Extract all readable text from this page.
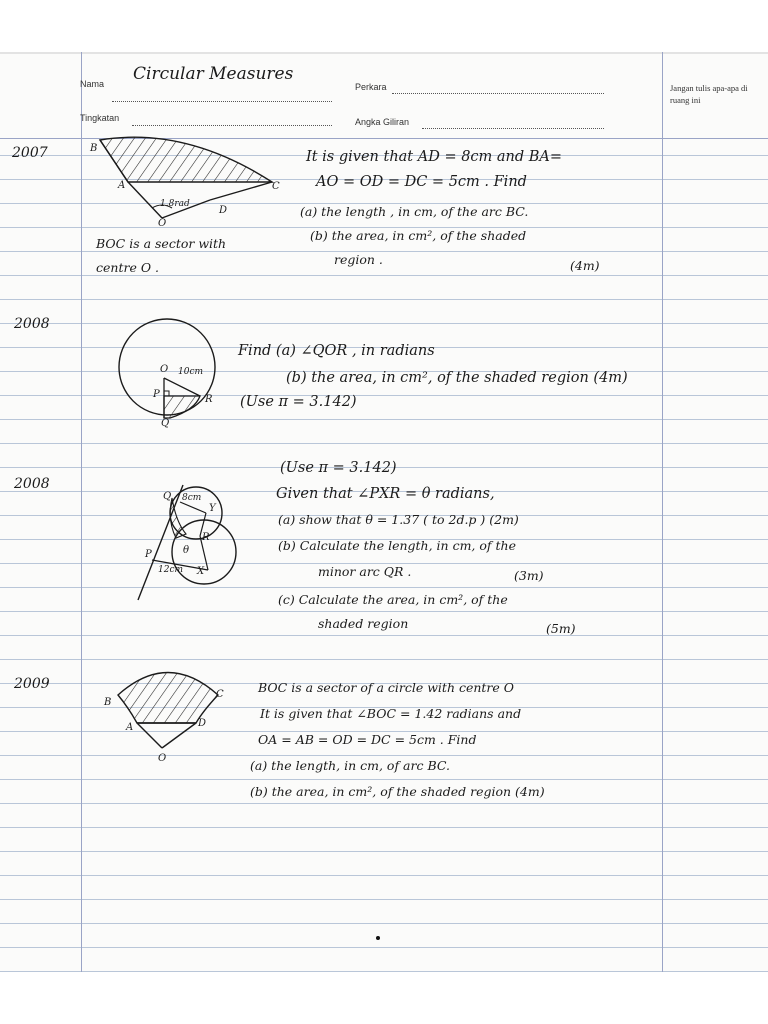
Nama Circular Measures
Perkara
Tingkatan	Angka Giliran
Jangan tulis apa-apa di ruang ini
2007	B
A	C
D
O
1.8rad
It is given that AD = 8cm and BA=
AO = OD = DC = 5cm . Find
(a) the length , in cm, of the arc BC.
(b) the area, in cm², of the shaded
region .	(4m)
BOC is a sector with
centre O .
2008
O
P	R
Q
10cm
Find (a) ∠QOR , in radians
(b) the area, in cm², of the shaded region (4m)
(Use π = 3.142)
2008
Q
Y
R
P
X
θ
8cm
12cm
(Use π = 3.142)
Given that ∠PXR = θ radians,
(a) show that θ = 1.37 ( to 2d.p ) (2m)
(b) Calculate the length, in cm, of the
minor arc QR .	(3m)
(c) Calculate the area, in cm², of the
shaded region	(5m)
2009
B
A
C
D
O
BOC is a sector of a circle with centre O
It is given that ∠BOC = 1.42 radians and
OA = AB = OD = DC = 5cm . Find
(a) the length, in cm, of arc BC.
(b) the area, in cm², of the shaded region (4m)
